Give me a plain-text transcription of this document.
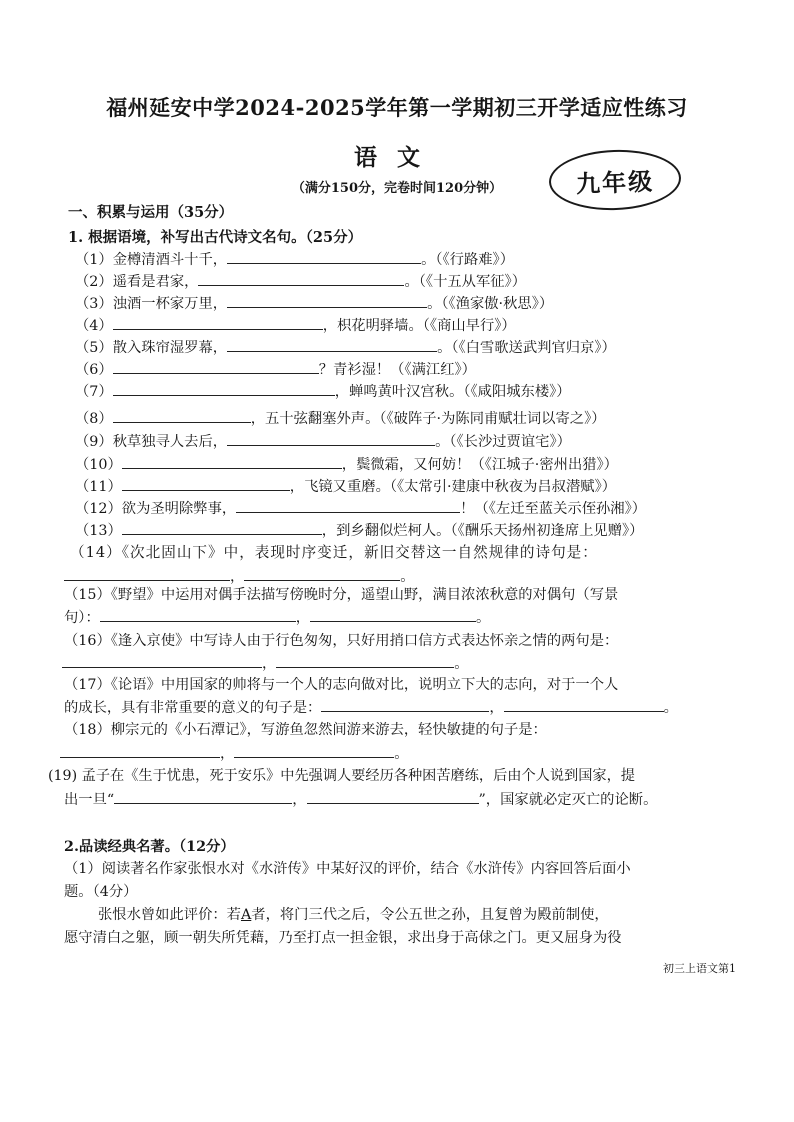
福州延安中学2024-2025学年第一学期初三开学适应性练习
语文
（满分150分，完卷时间120分钟）	九年级
一、积累与运用（35分）
1. 根据语境，补写出古代诗文名句。（25分）
（1）金樽清酒斗十千，	。（《行路难》）
（2）遥看是君家，	。（《十五从军征》）
（3）浊酒一杯家万里，	。（《渔家傲·秋思》）
（4）	，枳花明驿墙。（《商山早行》）
（5）散入珠帘湿罗幕，	。（《白雪歌送武判官归京》）
（6）	？青衫湿！（《满江红》）
（7）	，蝉鸣黄叶汉宫秋。（《咸阳城东楼》）
（8）	，五十弦翻塞外声。（《破阵子·为陈同甫赋壮词以寄之》）
（9）秋草独寻人去后，	。（《长沙过贾谊宅》）
（10）	，鬓微霜，又何妨！（《江城子·密州出猎》）
（11）	，飞镜又重磨。（《太常引·建康中秋夜为吕叔潜赋》）
（12）欲为圣明除弊事，	！（《左迁至蓝关示侄孙湘》）
（13）	，到乡翻似烂柯人。（《酬乐天扬州初逢席上见赠》）
（14）《次北固山下》中，表现时序变迁，新旧交替这一自然规律的诗句是：
，	。
（15）《野望》中运用对偶手法描写傍晚时分，遥望山野，满目浓浓秋意的对偶句（写景
句）：	，	。
（16）《逢入京使》中写诗人由于行色匆匆，只好用捎口信方式表达怀亲之情的两句是：
，	。
（17）《论语》中用国家的帅将与一个人的志向做对比，说明立下大的志向，对于一个人
的成长，具有非常重要的意义的句子是：	，	。
（18）柳宗元的《小石潭记》，写游鱼忽然间游来游去，轻快敏捷的句子是：
，	。
(19) 孟子在《生于忧患，死于安乐》中先强调人要经历各种困苦磨练，后由个人说到国家，提
出一旦“	，	”，国家就必定灭亡的论断。
2.品读经典名著。（12分）
（1）阅读著名作家张恨水对《水浒传》中某好汉的评价，结合《水浒传》内容回答后面小
题。（4分）
张恨水曾如此评价：若A者，将门三代之后，令公五世之孙，且复曾为殿前制使，
愿守清白之躯，顾一朝失所凭藉，乃至打点一担金银，求出身于高俅之门。更又屈身为役
初三上语文第1
